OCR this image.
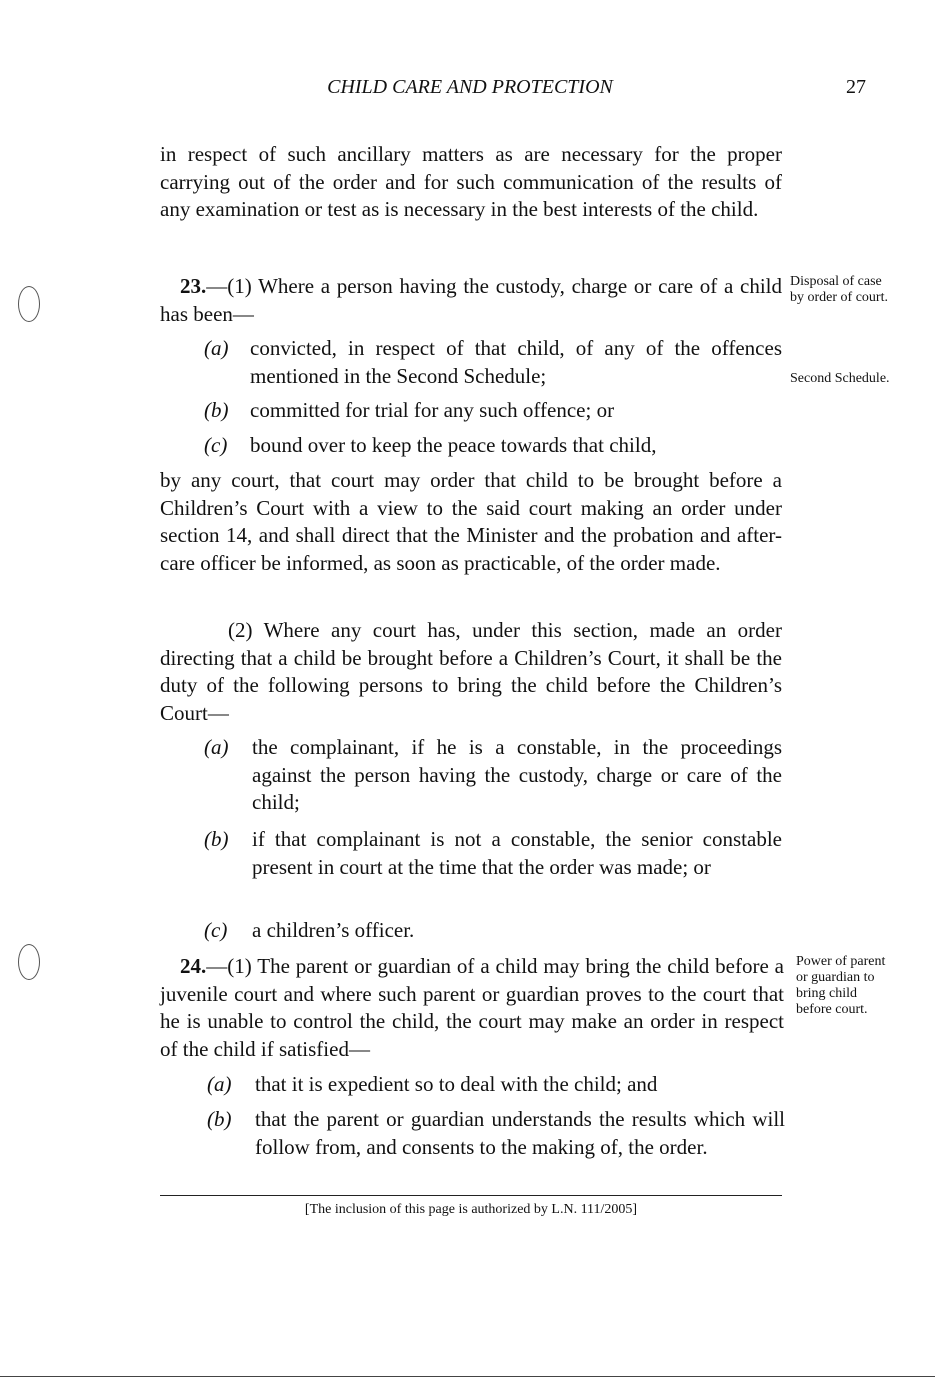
CHILD CARE AND PROTECTION	27
in respect of such ancillary matters as are necessary for the proper carrying out of the order and for such communication of the results of any examination or test as is necessary in the best interests of the child.
23.—(1) Where a person having the custody, charge or care of a child has been—
Disposal of case by order of court.
Second Schedule.
(a) convicted, in respect of that child, of any of the offences mentioned in the Second Schedule;
(b) committed for trial for any such offence; or
(c) bound over to keep the peace towards that child,
by any court, that court may order that child to be brought before a Children’s Court with a view to the said court making an order under section 14, and shall direct that the Minister and the probation and after-care officer be informed, as soon as practicable, of the order made.
(2) Where any court has, under this section, made an order directing that a child be brought before a Children’s Court, it shall be the duty of the following persons to bring the child before the Children’s Court—
(a) the complainant, if he is a constable, in the proceedings against the person having the custody, charge or care of the child;
(b) if that complainant is not a constable, the senior constable present in court at the time that the order was made; or
(c) a children’s officer.
24.—(1) The parent or guardian of a child may bring the child before a juvenile court and where such parent or guardian proves to the court that he is unable to control the child, the court may make an order in respect of the child if satisfied—
Power of parent or guardian to bring child before court.
(a) that it is expedient so to deal with the child; and
(b) that the parent or guardian understands the results which will follow from, and consents to the making of, the order.
[The inclusion of this page is authorized by L.N. 111/2005]
